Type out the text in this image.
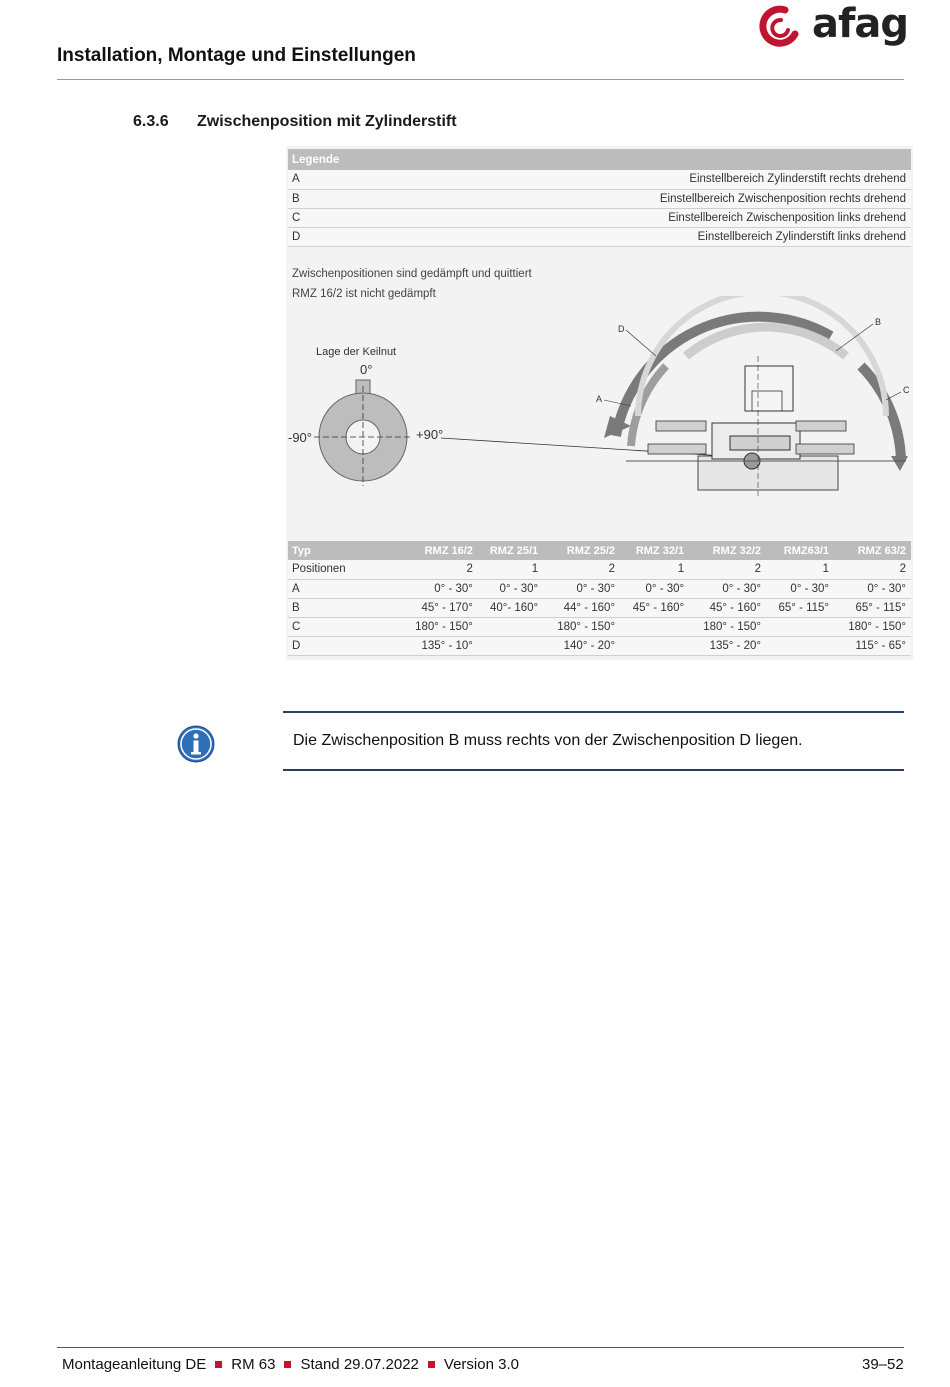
Installation, Montage und Einstellungen
afag
6.3.6 Zwischenposition mit Zylinderstift
Legende	
A	Einstellbereich Zylinderstift rechts drehend
B	Einstellbereich Zwischenposition rechts drehend
C	Einstellbereich Zwischenposition links drehend
D	Einstellbereich Zylinderstift links drehend
Zwischenpositionen sind gedämpft und quittiert
RMZ 16/2 ist nicht gedämpft
Lage der Keilnut
0°
-90°	+90°
D
A
B
C
Typ	RMZ 16/2	RMZ 25/1	RMZ 25/2	RMZ 32/1	RMZ 32/2	RMZ63/1	RMZ 63/2
Positionen	2	1	2	1	2	1	2
A	0° - 30°	0° - 30°	0° - 30°	0° - 30°	0° - 30°	0° - 30°	0° - 30°
B	45° - 170°	40°- 160°	44° - 160°	45° - 160°	45° - 160°	65° - 115°	65° - 115°
C	180° - 150°		180° - 150°		180° - 150°		180° - 150°
D	135° - 10°		140° - 20°		135° - 20°		115° - 65°
Die Zwischenposition B muss rechts von der Zwischenposition D liegen.
Montageanleitung DE RM 63 Stand 29.07.2022 Version 3.0	39–52
